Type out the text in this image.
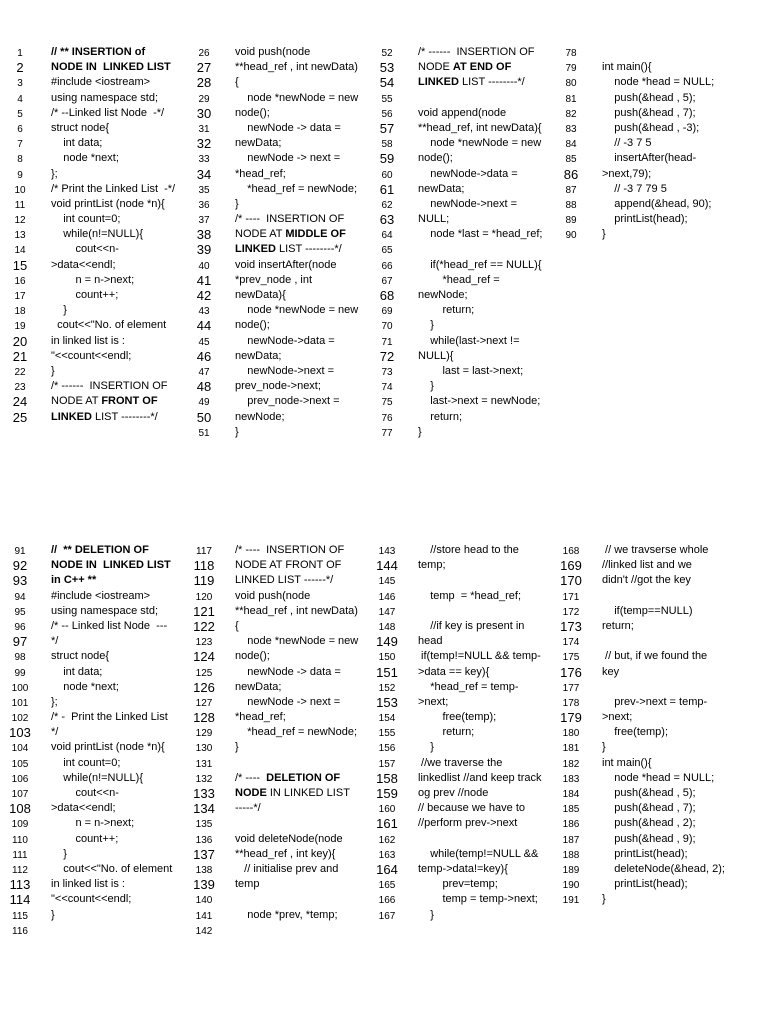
1	// ** INSERTION of
2	NODE IN  LINKED LIST
3	#include <iostream>
4	using namespace std;
5	/* --Linked list Node  -*/
6	struct node{
7	int data;
8	node *next;
9	};
10	/* Print the Linked List  -*/
11	void printList (node *n){
12	int count=0;
13	while(n!=NULL){
14	cout<<n-
15	>data<<endl;
16	n = n->next;
17	count++;
18	}
19	cout<<"No. of element
20	in linked list is :
21	"<<count<<endl;
22	}
23	/* ------  INSERTION OF
24	NODE AT FRONT OF
25	LINKED LIST --------*/
26	void push(node
27	**head_ref , int newData)
28	{
29	node *newNode = new
30	node();
31	newNode -> data =
32	newData;
33	newNode -> next =
34	*head_ref;
35	*head_ref = newNode;
36	}
37	/* ----  INSERTION OF
38	NODE AT MIDDLE OF
39	LINKED LIST --------*/
40	void insertAfter(node
41	*prev_node , int
42	newData){
43	node *newNode = new
44	node();
45	newNode->data =
46	newData;
47	newNode->next =
48	prev_node->next;
49	prev_node->next =
50	newNode;
51	}
52	/* ------  INSERTION OF
53	NODE AT END OF
54	LINKED LIST --------*/
55
56	void append(node
57	**head_ref, int newData){
58	node *newNode = new
59	node();
60	newNode->data =
61	newData;
62	newNode->next =
63	NULL;
64	node *last = *head_ref;
65
66	if(*head_ref == NULL){
67	*head_ref =
68	newNode;
69	return;
70	}
71	while(last->next !=
72	NULL){
73	last = last->next;
74	}
75	last->next = newNode;
76	return;
77	}
78
79	int main(){
80	node *head = NULL;
81	push(&head , 5);
82	push(&head , 7);
83	push(&head , -3);
84	// -3 7 5
85	insertAfter(head-
86	>next,79);
87	// -3 7 79 5
88	append(&head, 90);
89	printList(head);
90	}
91	//  ** DELETION OF
92	NODE IN  LINKED LIST
93	in C++ **
94	#include <iostream>
95	using namespace std;
96	/* -- Linked list Node  ---
97	*/
98	struct node{
99	int data;
100	node *next;
101	};
102	/* -  Print the Linked List
103 */
104	void printList (node *n){
105	int count=0;
106	while(n!=NULL){
107	cout<<n-
108 >data<<endl;
109	n = n->next;
110	count++;
111	}
112	cout<<"No. of element
113	in linked list is :
114	"<<count<<endl;
115	}
116
117	/* ----  INSERTION OF
118	NODE AT FRONT OF
119	LINKED LIST ------*/
120	void push(node
121 **head_ref , int newData)
122 {
123	node *newNode = new
124 node();
125	newNode -> data =
126 newData;
127	newNode -> next =
128 *head_ref;
129	*head_ref = newNode;
130	}
131
132	/* ----  DELETION OF
133 NODE IN LINKED LIST
134 -----*/
135
136	void deleteNode(node
137 **head_ref , int key){
138	// initialise prev and
139 temp
140
141	node *prev, *temp;
142
143	//store head to the
144 temp;
145
146	temp  = *head_ref;
147
148	//if key is present in
149 head
150	if(temp!=NULL && temp-
151 >data == key){
152	*head_ref = temp-
153 >next;
154	free(temp);
155	return;
156	}
157	//we traverse the
158 linkedlist //and keep track
159 og prev //node
160	// because we have to
161 //perform prev->next
162
163	while(temp!=NULL &&
164 temp->data!=key){
165	prev=temp;
166	temp = temp->next;
167	}
168	// we travserse whole
169 //linked list and we
170 didn't //got the key
171
172	if(temp==NULL)
173 return;
174
175	// but, if we found the
176 key
177
178	prev->next = temp-
179 >next;
180	free(temp);
181	}
182	int main(){
183	node *head = NULL;
184	push(&head , 5);
185	push(&head , 7);
186	push(&head , 2);
187	push(&head , 9);
188	printList(head);
189	deleteNode(&head, 2);
190	printList(head);
191	}
